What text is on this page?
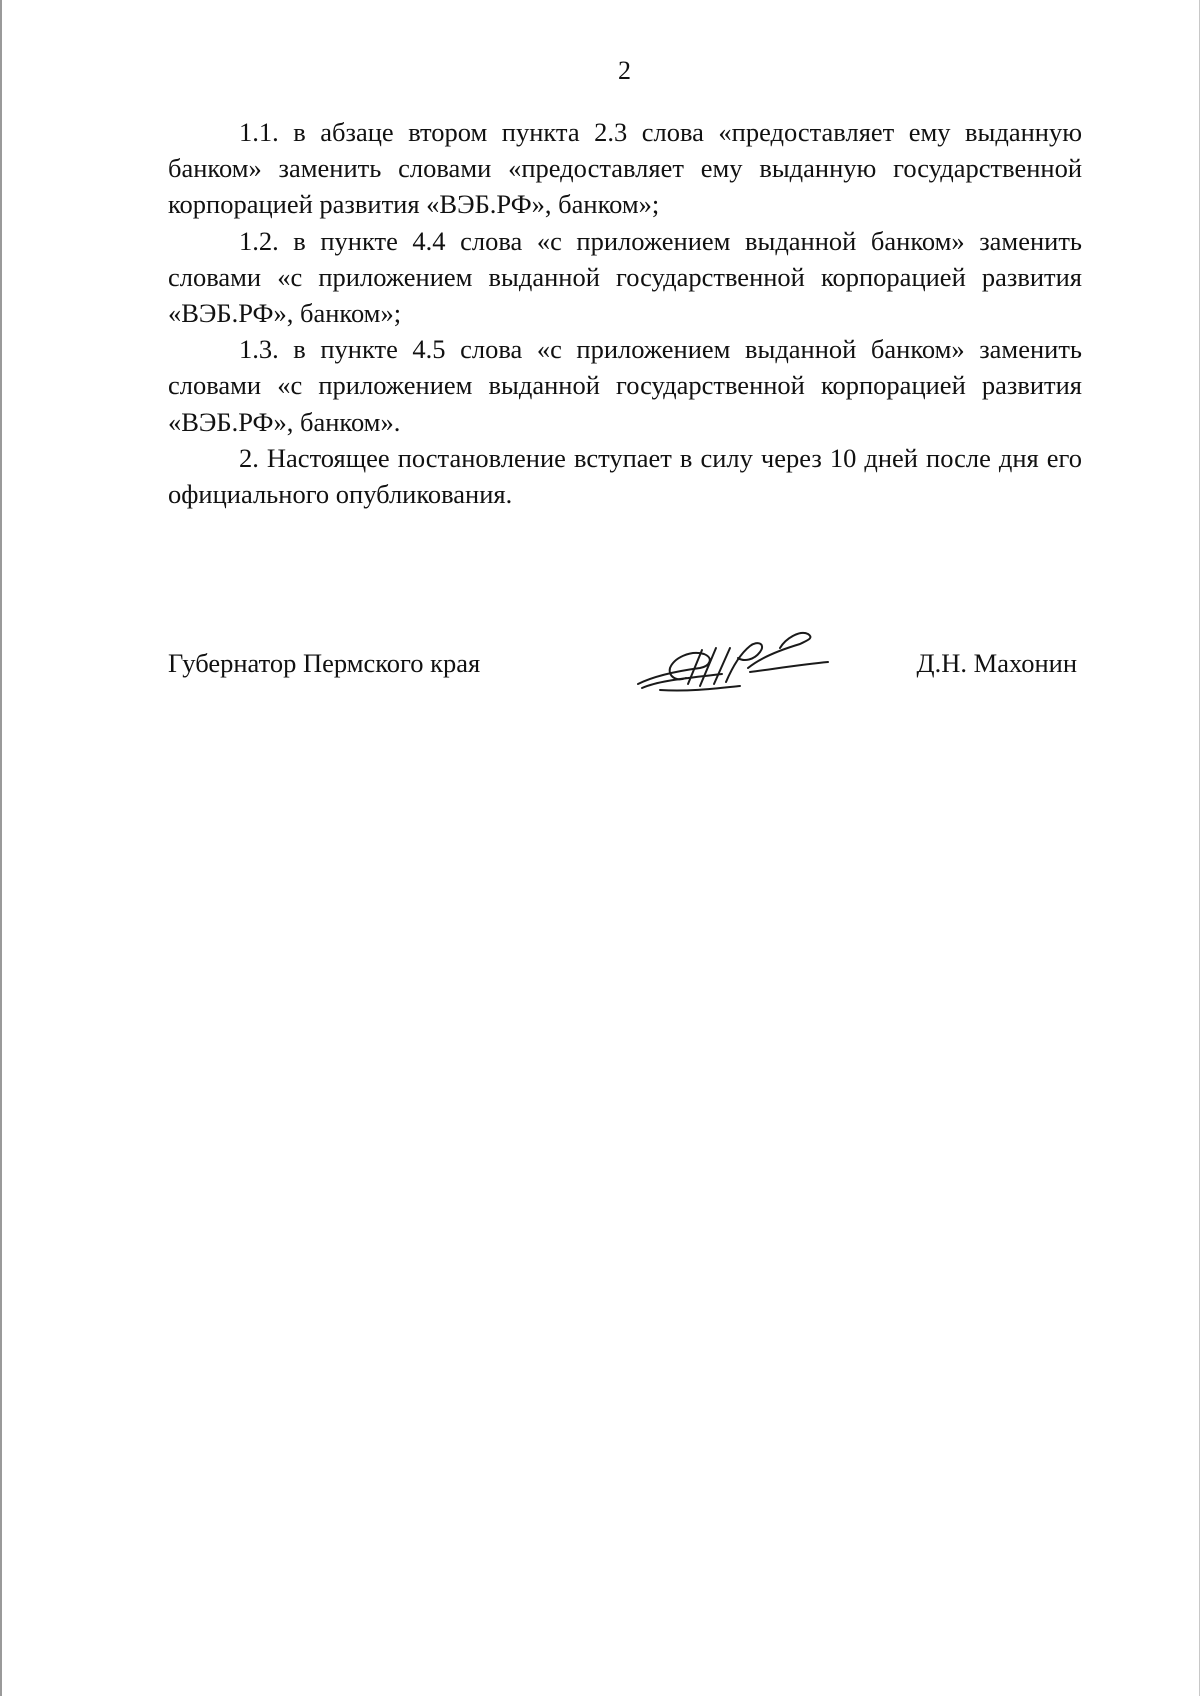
2

1.1. в абзаце втором пункта 2.3 слова «предоставляет ему выданную банком» заменить словами «предоставляет ему выданную государственной корпорацией развития «ВЭБ.РФ», банком»;

1.2. в пункте 4.4 слова «с приложением выданной банком» заменить словами «с приложением выданной государственной корпорацией развития «ВЭБ.РФ», банком»;

1.3. в пункте 4.5 слова «с приложением выданной банком» заменить словами «с приложением выданной государственной корпорацией развития «ВЭБ.РФ», банком».

2. Настоящее постановление вступает в силу через 10 дней после дня его официального опубликования.

Губернатор Пермского края	Д.Н. Махонин
